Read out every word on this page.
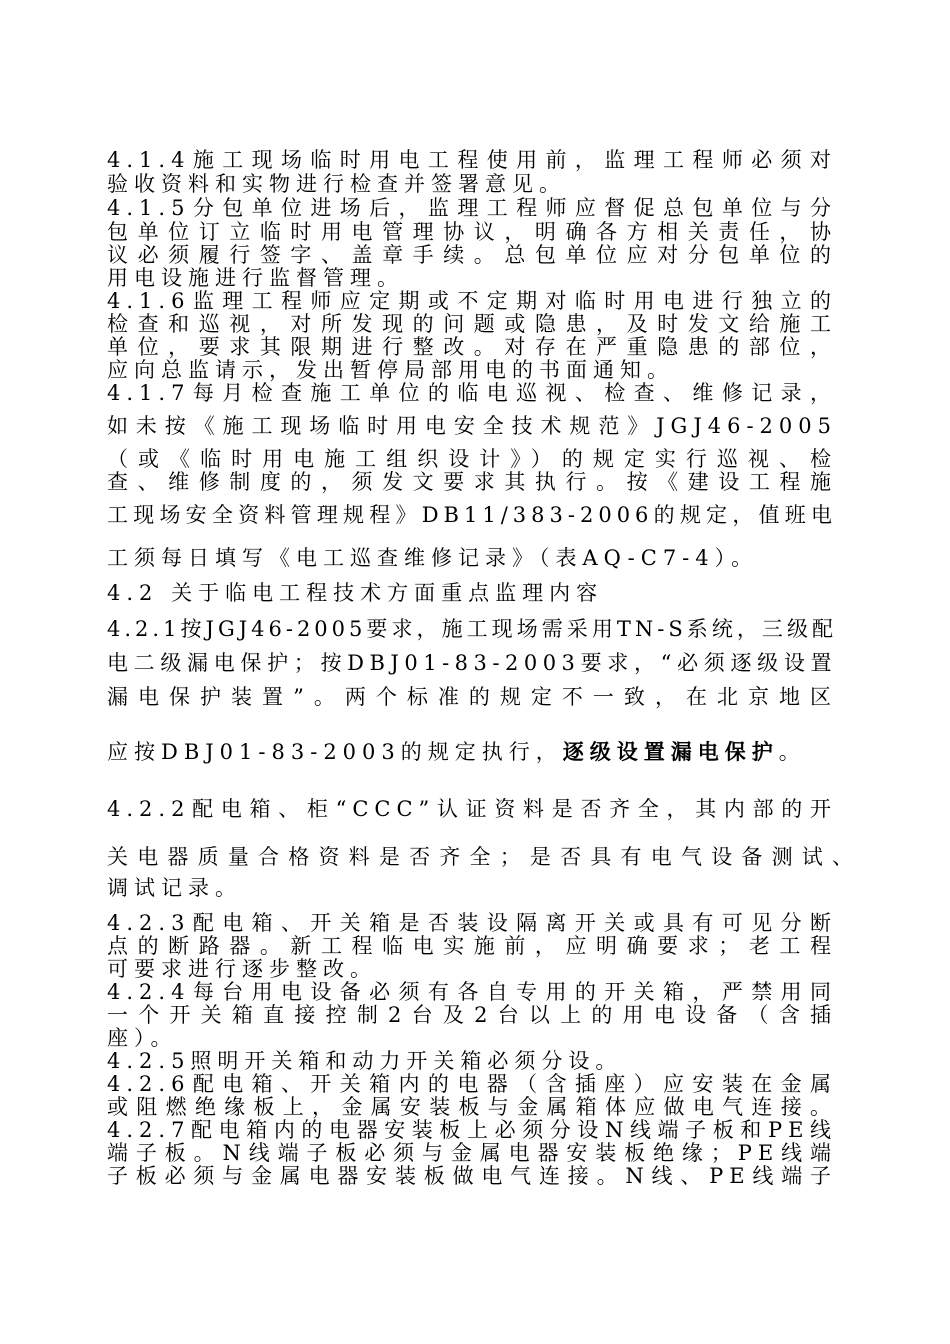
4.1.4施工现场临时用电工程使用前，监理工程师必须对
验收资料和实物进行检查并签署意见。
4.1.5分包单位进场后，监理工程师应督促总包单位与分
包单位订立临时用电管理协议，明确各方相关责任，协
议必须履行签字、盖章手续。总包单位应对分包单位的
用电设施进行监督管理。
4.1.6监理工程师应定期或不定期对临时用电进行独立的
检查和巡视，对所发现的问题或隐患，及时发文给施工
单位，要求其限期进行整改。对存在严重隐患的部位，
应向总监请示，发出暂停局部用电的书面通知。
4.1.7每月检查施工单位的临电巡视、检查、维修记录，
如未按《施工现场临时用电安全技术规范》JGJ46-2005
（或《临时用电施工组织设计》）的规定实行巡视、检
查、维修制度的，须发文要求其执行。按《建设工程施
工现场安全资料管理规程》DB11/383-2006的规定，值班电
工须每日填写《电工巡查维修记录》（表AQ-C7-4）。
4.2 关于临电工程技术方面重点监理内容
4.2.1按JGJ46-2005要求，施工现场需采用TN-S系统，三级配
电二级漏电保护；按DBJ01-83-2003要求，“必须逐级设置
漏电保护装置”。两个标准的规定不一致，在北京地区
应按DBJ01-83-2003的规定执行，逐级设置漏电保护。
4.2.2配电箱、柜“CCC”认证资料是否齐全，其内部的开
关电器质量合格资料是否齐全；是否具有电气设备测试、
调试记录。
4.2.3配电箱、开关箱是否装设隔离开关或具有可见分断
点的断路器。新工程临电实施前，应明确要求；老工程
可要求进行逐步整改。
4.2.4每台用电设备必须有各自专用的开关箱，严禁用同
一个开关箱直接控制2台及2台以上的用电设备（含插
座）。
4.2.5照明开关箱和动力开关箱必须分设。
4.2.6配电箱、开关箱内的电器（含插座）应安装在金属
或阻燃绝缘板上，金属安装板与金属箱体应做电气连接。
4.2.7配电箱内的电器安装板上必须分设N线端子板和PE线
端子板。N线端子板必须与金属电器安装板绝缘；PE线端
子板必须与金属电器安装板做电气连接。N线、PE线端子
